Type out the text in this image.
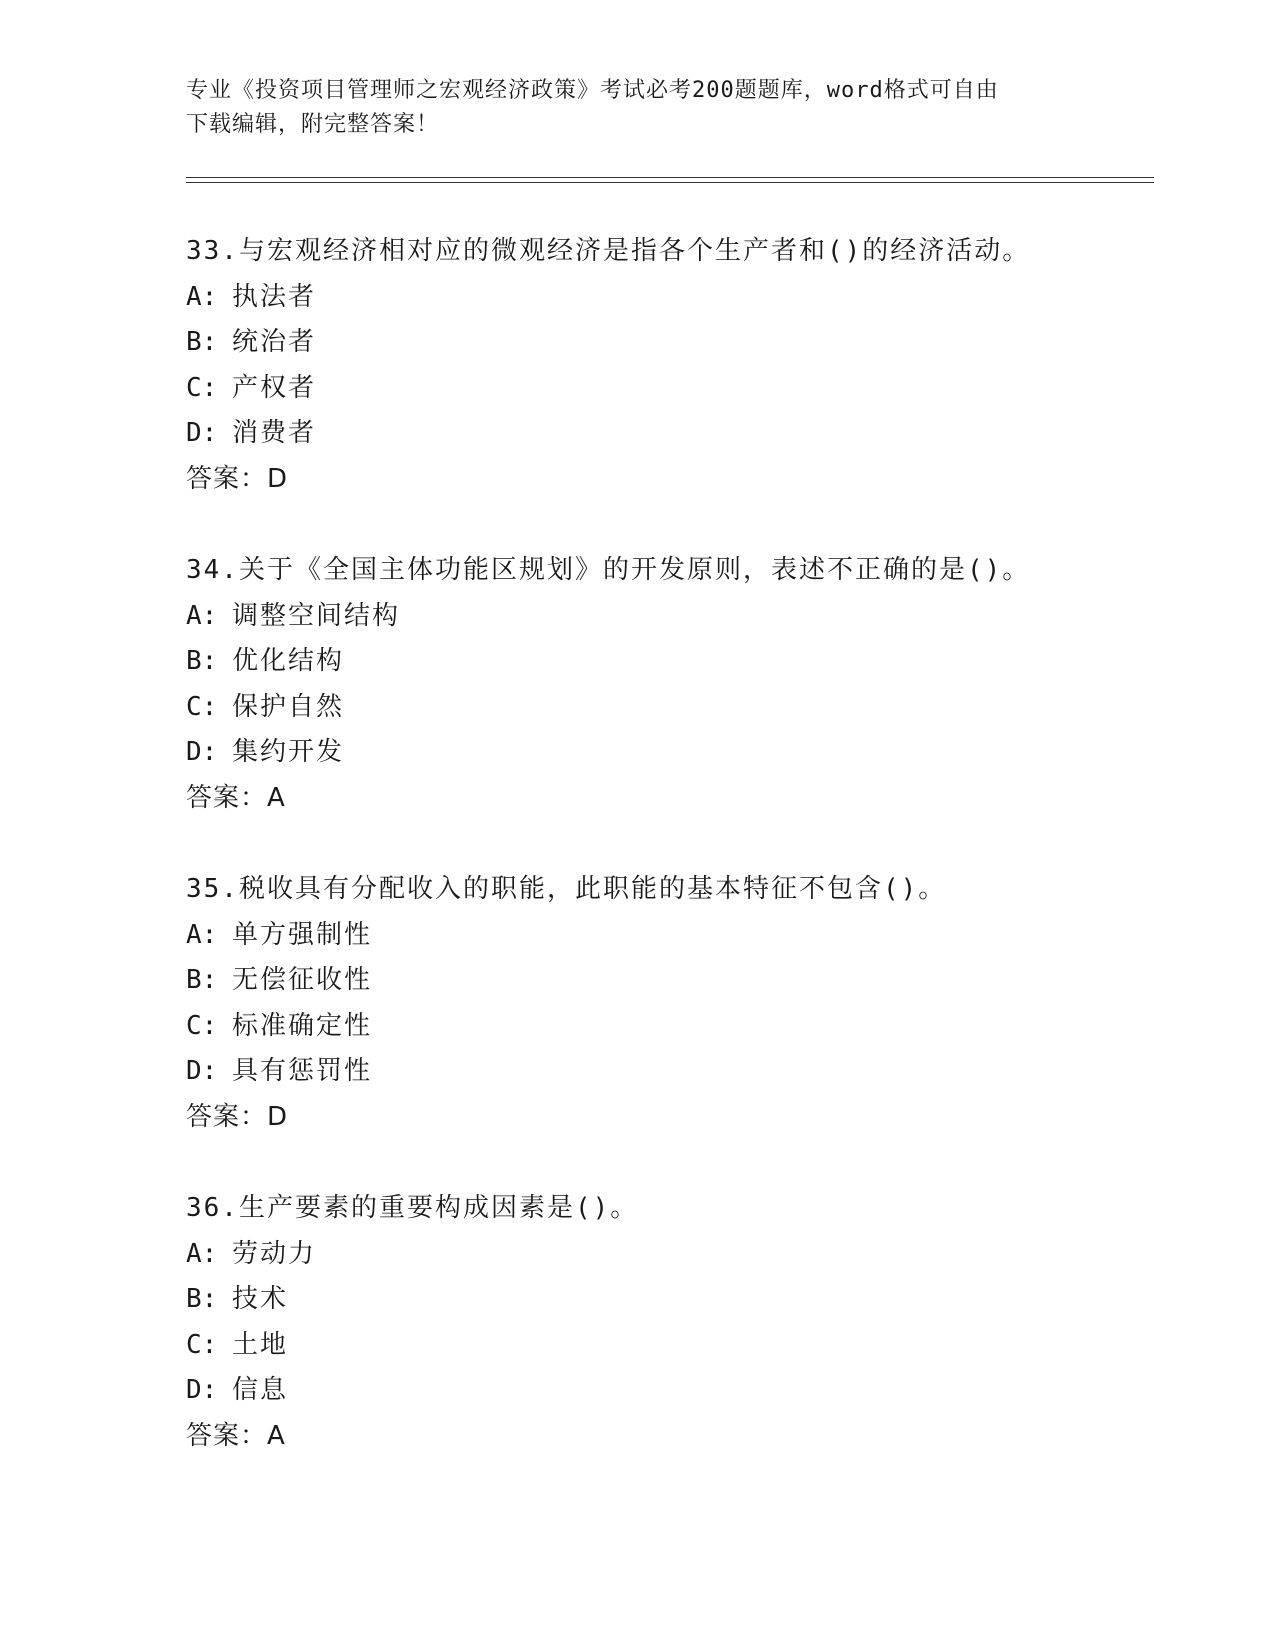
专业《投资项目管理师之宏观经济政策》考试必考200题题库，word格式可自由
下载编辑，附完整答案！
33.与宏观经济相对应的微观经济是指各个生产者和()的经济活动。
A: 执法者
B: 统治者
C: 产权者
D: 消费者
答案：D
34.关于《全国主体功能区规划》的开发原则，表述不正确的是()。
A: 调整空间结构
B: 优化结构
C: 保护自然
D: 集约开发
答案：A
35.税收具有分配收入的职能，此职能的基本特征不包含()。
A: 单方强制性
B: 无偿征收性
C: 标准确定性
D: 具有惩罚性
答案：D
36.生产要素的重要构成因素是()。
A: 劳动力
B: 技术
C: 土地
D: 信息
答案：A
